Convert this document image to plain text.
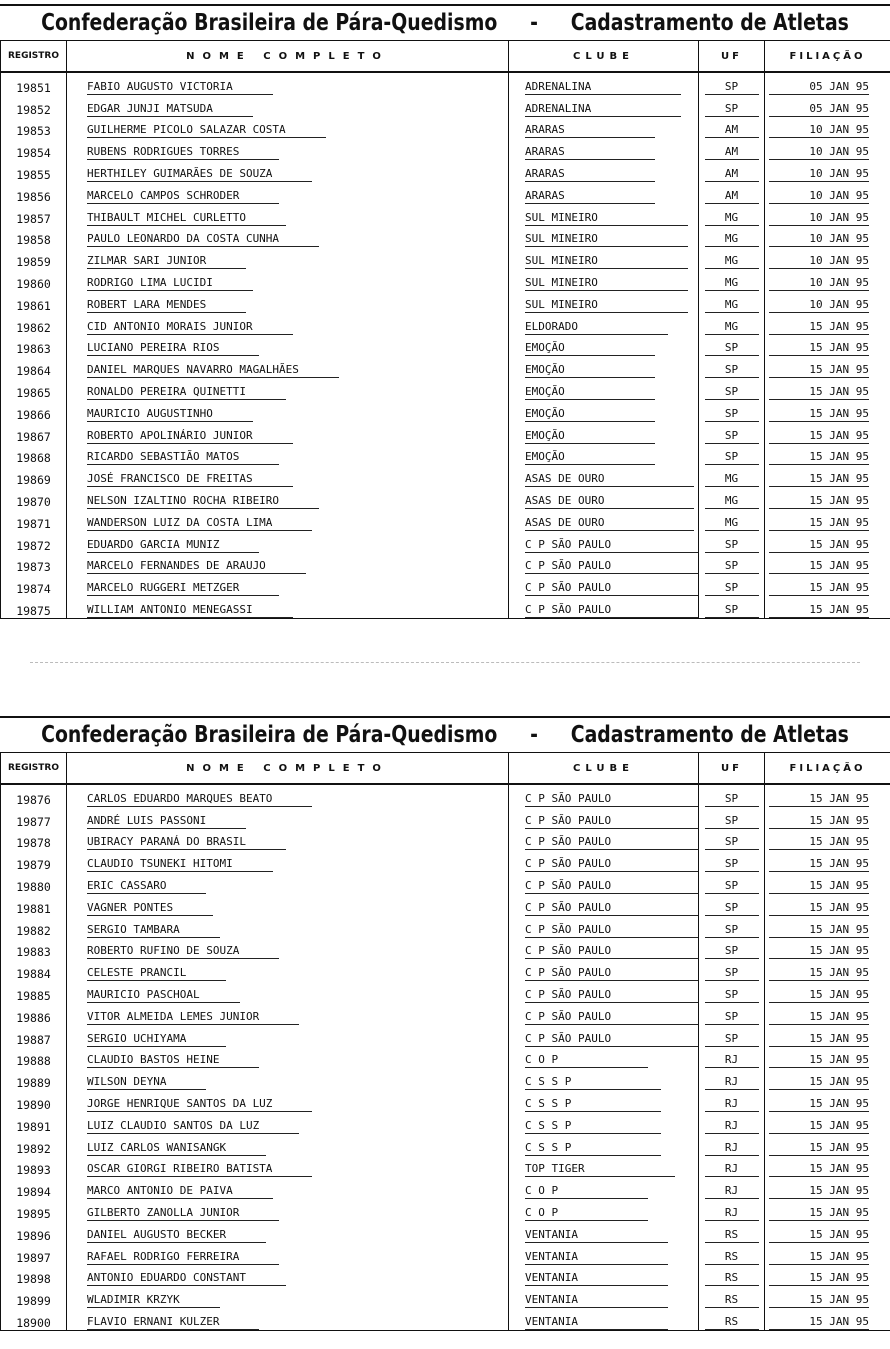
Confederação Brasileira de Pára-Quedismo - Cadastramento de Atletas
REGISTRO	NOME COMPLETO	CLUBE	UF	FILIAÇÃO
19851	FABIO AUGUSTO VICTORIA	ADRENALINA	SP	05 JAN 95
19852	EDGAR JUNJI MATSUDA	ADRENALINA	SP	05 JAN 95
19853	GUILHERME PICOLO SALAZAR COSTA	ARARAS	AM	10 JAN 95
19854	RUBENS RODRIGUES TORRES	ARARAS	AM	10 JAN 95
19855	HERTHILEY GUIMARÃES DE SOUZA	ARARAS	AM	10 JAN 95
19856	MARCELO CAMPOS SCHRODER	ARARAS	AM	10 JAN 95
19857	THIBAULT MICHEL CURLETTO	SUL MINEIRO	MG	10 JAN 95
19858	PAULO LEONARDO DA COSTA CUNHA	SUL MINEIRO	MG	10 JAN 95
19859	ZILMAR SARI JUNIOR	SUL MINEIRO	MG	10 JAN 95
19860	RODRIGO LIMA LUCIDI	SUL MINEIRO	MG	10 JAN 95
19861	ROBERT LARA MENDES	SUL MINEIRO	MG	10 JAN 95
19862	CID ANTONIO MORAIS JUNIOR	ELDORADO	MG	15 JAN 95
19863	LUCIANO PEREIRA RIOS	EMOÇÃO	SP	15 JAN 95
19864	DANIEL MARQUES NAVARRO MAGALHÃES	EMOÇÃO	SP	15 JAN 95
19865	RONALDO PEREIRA QUINETTI	EMOÇÃO	SP	15 JAN 95
19866	MAURICIO AUGUSTINHO	EMOÇÃO	SP	15 JAN 95
19867	ROBERTO APOLINÁRIO JUNIOR	EMOÇÃO	SP	15 JAN 95
19868	RICARDO SEBASTIÃO MATOS	EMOÇÃO	SP	15 JAN 95
19869	JOSÉ FRANCISCO DE FREITAS	ASAS DE OURO	MG	15 JAN 95
19870	NELSON IZALTINO ROCHA RIBEIRO	ASAS DE OURO	MG	15 JAN 95
19871	WANDERSON LUIZ DA COSTA LIMA	ASAS DE OURO	MG	15 JAN 95
19872	EDUARDO GARCIA MUNIZ	C P SÃO PAULO	SP	15 JAN 95
19873	MARCELO FERNANDES DE ARAUJO	C P SÃO PAULO	SP	15 JAN 95
19874	MARCELO RUGGERI METZGER	C P SÃO PAULO	SP	15 JAN 95
19875	WILLIAM ANTONIO MENEGASSI	C P SÃO PAULO	SP	15 JAN 95
Confederação Brasileira de Pára-Quedismo - Cadastramento de Atletas
REGISTRO	NOME COMPLETO	CLUBE	UF	FILIAÇÃO
19876	CARLOS EDUARDO MARQUES BEATO	C P SÃO PAULO	SP	15 JAN 95
19877	ANDRÉ LUIS PASSONI	C P SÃO PAULO	SP	15 JAN 95
19878	UBIRACY PARANÁ DO BRASIL	C P SÃO PAULO	SP	15 JAN 95
19879	CLAUDIO TSUNEKI HITOMI	C P SÃO PAULO	SP	15 JAN 95
19880	ERIC CASSARO	C P SÃO PAULO	SP	15 JAN 95
19881	VAGNER PONTES	C P SÃO PAULO	SP	15 JAN 95
19882	SERGIO TAMBARA	C P SÃO PAULO	SP	15 JAN 95
19883	ROBERTO RUFINO DE SOUZA	C P SÃO PAULO	SP	15 JAN 95
19884	CELESTE PRANCIL	C P SÃO PAULO	SP	15 JAN 95
19885	MAURICIO PASCHOAL	C P SÃO PAULO	SP	15 JAN 95
19886	VITOR ALMEIDA LEMES JUNIOR	C P SÃO PAULO	SP	15 JAN 95
19887	SERGIO UCHIYAMA	C P SÃO PAULO	SP	15 JAN 95
19888	CLAUDIO BASTOS HEINE	C O P	RJ	15 JAN 95
19889	WILSON DEYNA	C S S P	RJ	15 JAN 95
19890	JORGE HENRIQUE SANTOS DA LUZ	C S S P	RJ	15 JAN 95
19891	LUIZ CLAUDIO SANTOS DA LUZ	C S S P	RJ	15 JAN 95
19892	LUIZ CARLOS WANISANGK	C S S P	RJ	15 JAN 95
19893	OSCAR GIORGI RIBEIRO BATISTA	TOP TIGER	RJ	15 JAN 95
19894	MARCO ANTONIO DE PAIVA	C O P	RJ	15 JAN 95
19895	GILBERTO ZANOLLA JUNIOR	C O P	RJ	15 JAN 95
19896	DANIEL AUGUSTO BECKER	VENTANIA	RS	15 JAN 95
19897	RAFAEL RODRIGO FERREIRA	VENTANIA	RS	15 JAN 95
19898	ANTONIO EDUARDO CONSTANT	VENTANIA	RS	15 JAN 95
19899	WLADIMIR KRZYK	VENTANIA	RS	15 JAN 95
18900	FLAVIO ERNANI KULZER	VENTANIA	RS	15 JAN 95
